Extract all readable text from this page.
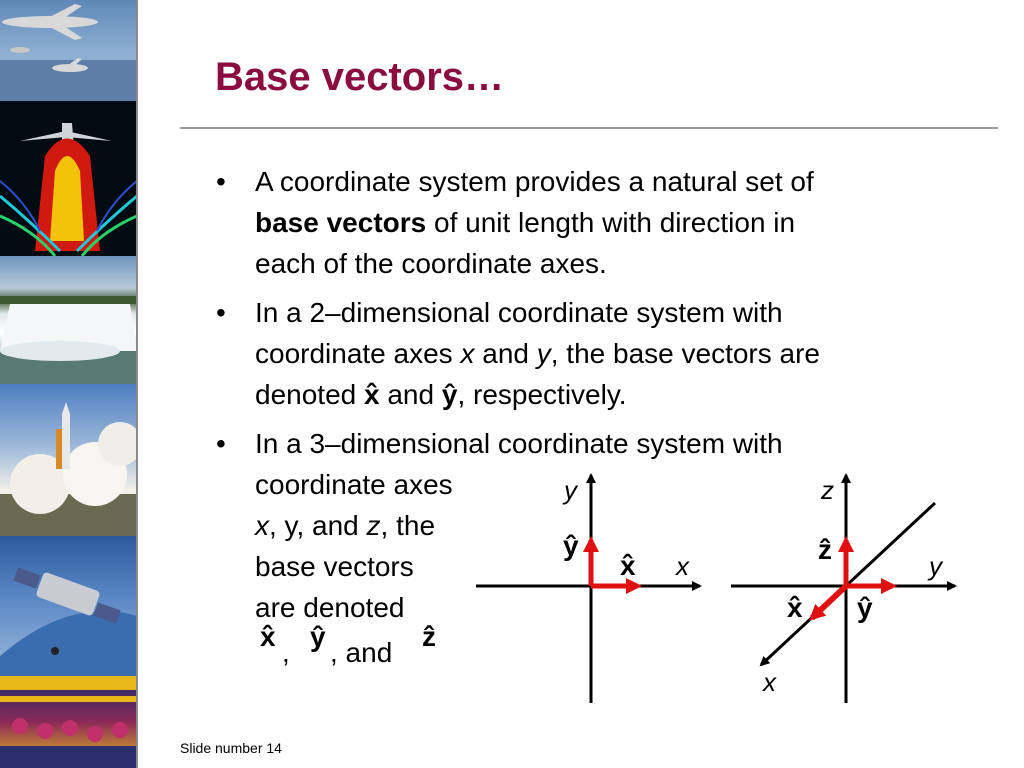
Base vectors…
• A coordinate system provides a natural set of
base vectors of unit length with direction in
each of the coordinate axes.
• In a 2–dimensional coordinate system with
coordinate axes x and y, the base vectors are
denoted x̂ and ŷ, respectively.
• In a 3–dimensional coordinate system with
coordinate axes
x, y, and z, the
base vectors
are denoted
x̂
,
ŷ
, and
ẑ
y
x
ŷ
x̂
z
y
x
ẑ
x̂ ŷ
Slide number 14
